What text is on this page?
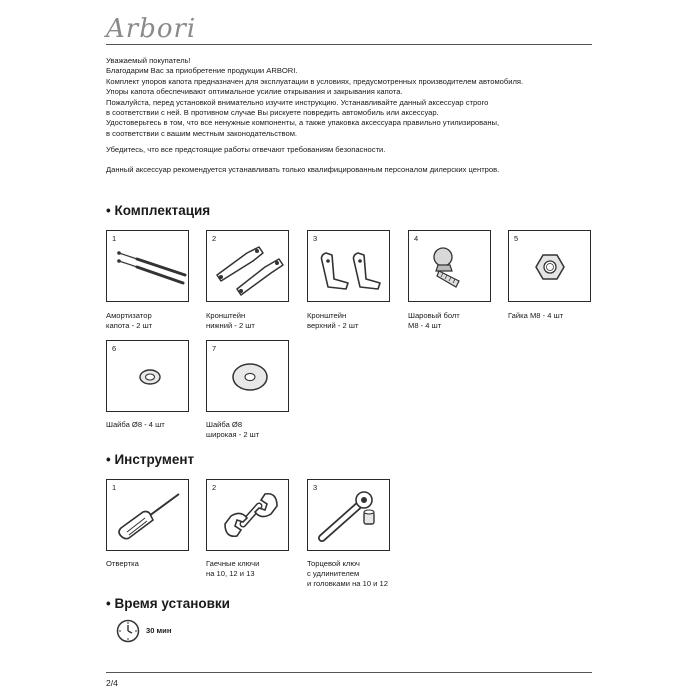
Arbori

Уважаемый покупатель!

Благодарим Вас за приобретение продукции ARBORI.

Комплект упоров капота предназначен для эксплуатации в условиях, предусмотренных производителем автомобиля.

Упоры капота обеспечивают оптимальное усилие открывания и закрывания капота.

Пожалуйста, перед установкой внимательно изучите инструкцию. Устанавливайте данный аксессуар строго

в соответствии с ней. В противном случае Вы рискуете повредить автомобиль или аксессуар.

Удостоверьтесь в том, что все ненужные компоненты, а также упаковка аксессуара правильно утилизированы,

в соответствии с вашим местным законодательством.

Убедитесь, что все предстоящие работы отвечают требованиям безопасности.
Данный аксессуар рекомендуется устанавливать только квалифицированным персоналом дилерских центров.
• Комплектация
1
Амортизатор
капота - 2 шт
2
Кронштейн
нижний - 2 шт
3
Кронштейн
верхний - 2 шт
4
Шаровый болт
М8 - 4 шт
5
Гайка М8 - 4 шт
6
Шайба Ø8 - 4 шт
7
Шайба Ø8
широкая - 2 шт
• Инструмент
1
Отвертка
2
Гаечные ключи
на 10, 12 и 13
3
Торцевой ключ
с удлинителем
и головками на 10 и 12
• Время установки
30 мин
2/4
